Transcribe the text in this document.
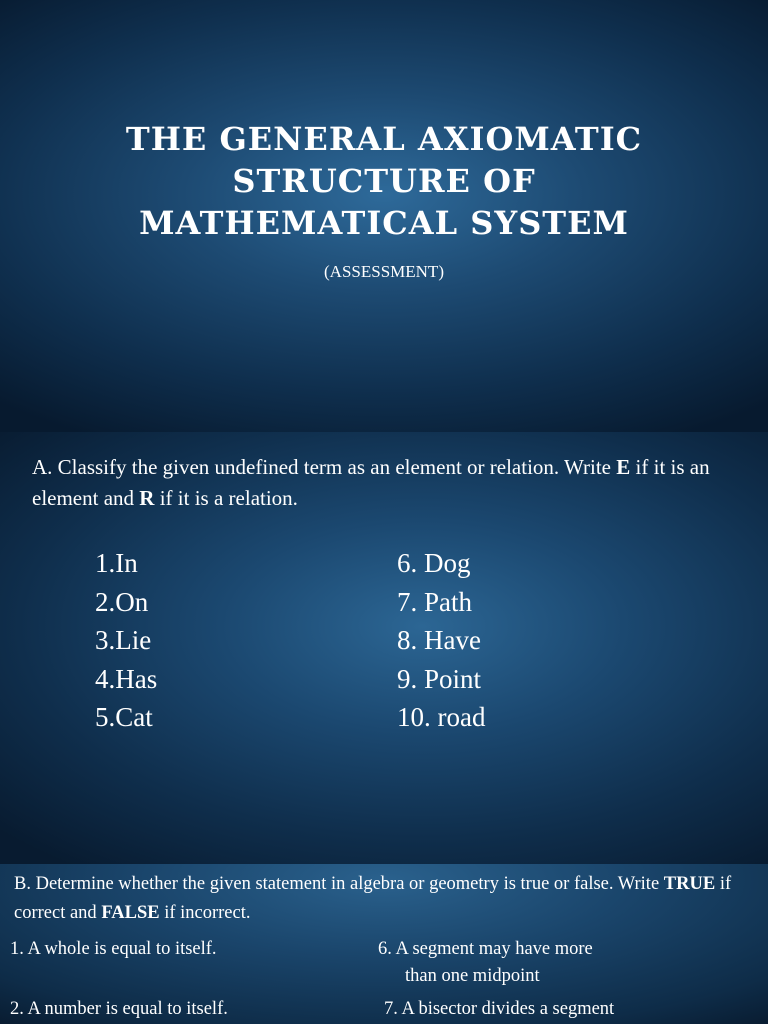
THE GENERAL AXIOMATIC
STRUCTURE OF
MATHEMATICAL SYSTEM
(ASSESSMENT)
A. Classify the given undefined term as an element or relation. Write E if it is an element and R if it is a relation.
1.In
2.On
3.Lie
4.Has
5.Cat
6. Dog
7. Path
8. Have
9. Point
10. road
B. Determine whether the given statement in algebra or geometry is true or false. Write TRUE if correct and FALSE if incorrect.
1. A whole is equal to itself.	6. A segment may have more
than one midpoint
2. A number is equal to itself.	7. A bisector divides a segment
